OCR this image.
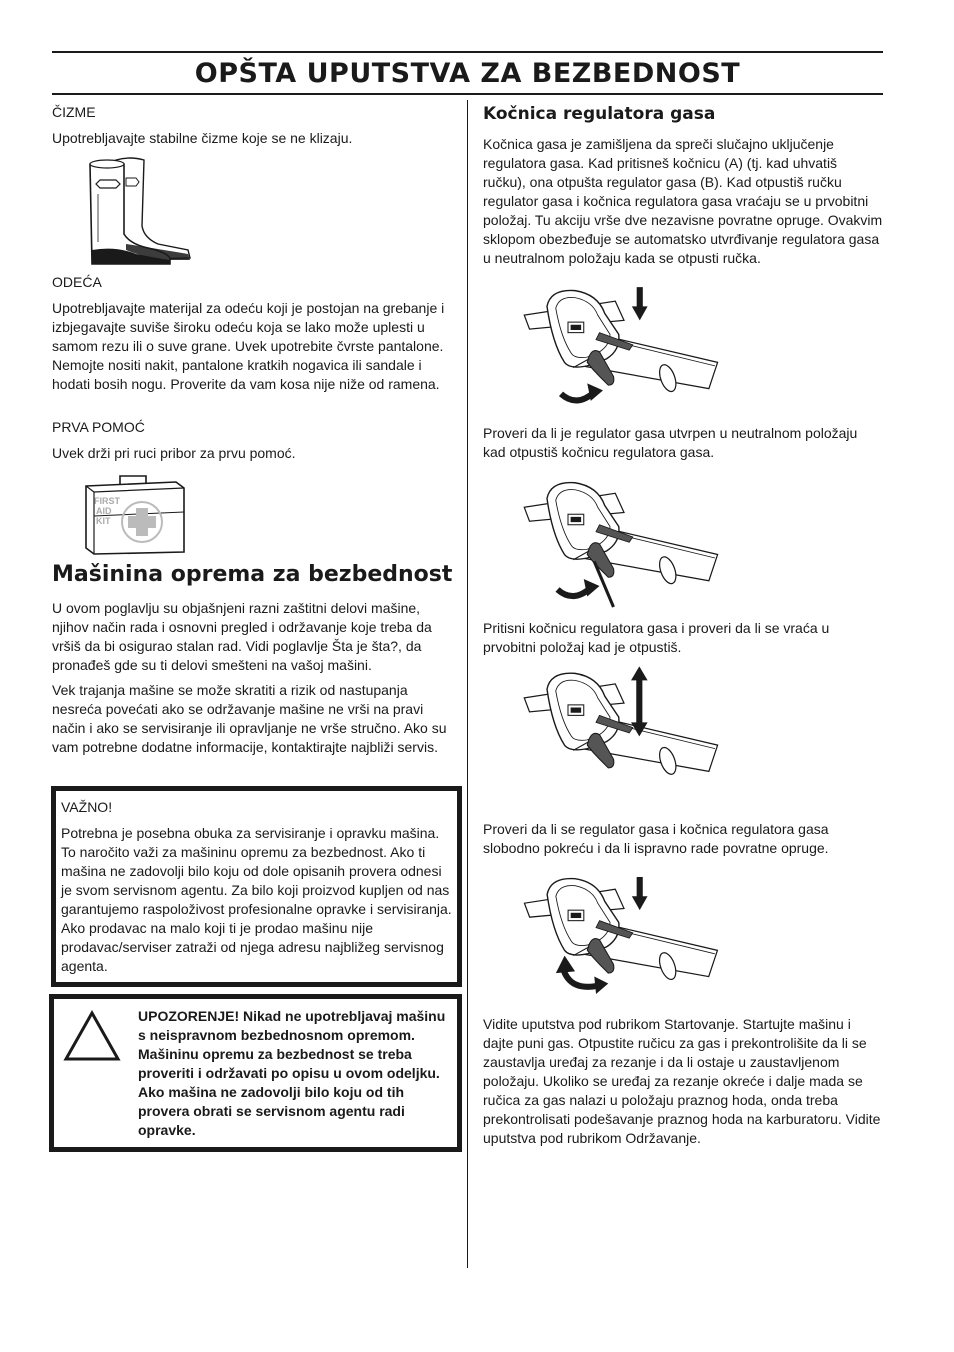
OPŠTA UPUTSTVA ZA BEZBEDNOST

ČIZME

Upotrebljavajte stabilne čizme koje se ne klizaju.

ODEĆA

Upotrebljavajte materijal za odeću koji je postojan na grebanje i izbjegavajte suviše široku odeću koja se lako može uplesti u samom rezu ili o suve grane. Uvek upotrebite čvrste pantalone. Nemojte nositi nakit, pantalone kratkih nogavica ili sandale i hodati bosih nogu. Proverite da vam kosa nije niže od ramena.

PRVA POMOĆ

Uvek drži pri ruci pribor za prvu pomoć.

FIRST
AID
KIT
Mašinina oprema za bezbednost

U ovom poglavlju su objašnjeni razni zaštitni delovi mašine, njihov način rada i osnovni pregled i održavanje koje treba da vršiš da bi osigurao stalan rad. Vidi poglavlje Šta je šta?, da pronađeš gde su ti delovi smešteni na vašoj mašini.

Vek trajanja mašine se može skratiti a rizik od nastupanja nesreća povećati ako se održavanje mašine ne vrši na pravi način i ako se servisiranje ili opravljanje ne vrše stručno. Ako su vam potrebne dodatne informacije, kontaktirajte najbliži servis.

VAŽNO!

Potrebna je posebna obuka za servisiranje i opravku mašina. To naročito važi za mašininu opremu za bezbednost. Ako ti mašina ne zadovolji bilo koju od dole opisanih provera odnesi je svom servisnom agentu. Za bilo koji proizvod kupljen od nas garantujemo raspoloživost profesionalne opravke i servisiranja. Ako prodavac na malo koji ti je prodao mašinu nije prodavac/serviser zatraži od njega adresu najbližeg servisnog agenta.

UPOZORENJE! Nikad ne upotrebljavaj mašinu s neispravnom bezbednosnom opremom. Mašininu opremu za bezbednost se treba proveriti i održavati po opisu u ovom odeljku. Ako mašina ne zadovolji bilo koju od tih provera obrati se servisnom agentu radi opravke.

Kočnica regulatora gasa

Kočnica gasa je zamišljena da spreči slučajno uključenje regulatora gasa. Kad pritisneš kočnicu (A) (tj. kad uhvatiš ručku), ona otpušta regulator gasa (B). Kad otpustiš ručku regulator gasa i kočnica regulatora gasa vraćaju se u prvobitni položaj. Tu akciju vrše dve nezavisne povratne opruge. Ovakvim sklopom obezbeđuje se automatsko utvrđivanje regulatora gasa u neutralnom položaju kada se otpusti ručka.

Proveri da li je regulator gasa utvrpen u neutralnom položaju kad otpustiš kočnicu regulatora gasa.

Pritisni kočnicu regulatora gasa i proveri da li se vraća u prvobitni položaj kad je otpustiš.

Proveri da li se regulator gasa i kočnica regulatora gasa slobodno pokreću i da li ispravno rade povratne opruge.

Vidite uputstva pod rubrikom Startovanje. Startujte mašinu i dajte puni gas. Otpustite ručicu za gas i prekontrolišite da li se zaustavlja uređaj za rezanje i da li ostaje u zaustavljenom položaju. Ukoliko se uređaj za rezanje okreće i dalje mada se ručica za gas nalazi u položaju praznog hoda, onda treba prekontrolisati podešavanje praznog hoda na karburatoru. Vidite uputstva pod rubrikom Održavanje.
